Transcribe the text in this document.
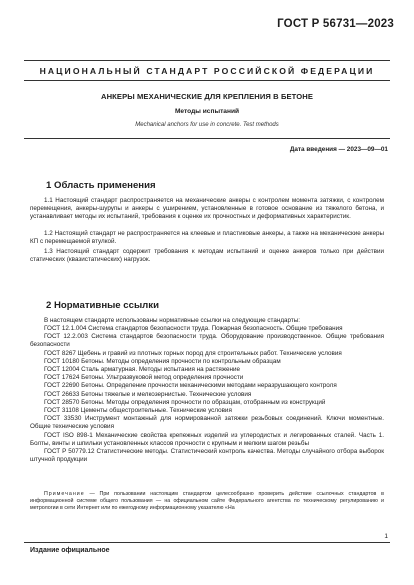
ГОСТ Р 56731—2023
НАЦИОНАЛЬНЫЙ СТАНДАРТ РОССИЙСКОЙ ФЕДЕРАЦИИ
АНКЕРЫ МЕХАНИЧЕСКИЕ ДЛЯ КРЕПЛЕНИЯ В БЕТОНЕ
Методы испытаний
Mechanical anchors for use in concrete. Test methods
Дата введения — 2023—09—01
1 Область применения

1.1 Настоящий стандарт распространяется на механические анкеры с контролем момента затяжки, с контролем перемещения, анкеры-шурупы и анкеры с уширением, установленные в готовое основание из тяжелого бетона, и устанавливает методы их испытаний, требования к оценке их прочностных и деформативных характеристик.

1.2 Настоящий стандарт не распространяется на клеевые и пластиковые анкеры, а также на механические анкеры КП с перемещаемой втулкой.

1.3 Настоящий стандарт содержит требования к методам испытаний и оценке анкеров только при действии статических (квазистатических) нагрузок.

2 Нормативные ссылки

В настоящем стандарте использованы нормативные ссылки на следующие стандарты:

ГОСТ 12.1.004 Система стандартов безопасности труда. Пожарная безопасность. Общие требования

ГОСТ 12.2.003 Система стандартов безопасности труда. Оборудование производственное. Общие требования безопасности

ГОСТ 8267 Щебень и гравий из плотных горных пород для строительных работ. Технические условия

ГОСТ 10180 Бетоны. Методы определения прочности по контрольным образцам

ГОСТ 12004 Сталь арматурная. Методы испытания на растяжение

ГОСТ 17624 Бетоны. Ультразвуковой метод определения прочности

ГОСТ 22690 Бетоны. Определение прочности механическими методами неразрушающего контроля

ГОСТ 26633 Бетоны тяжелые и мелкозернистые. Технические условия

ГОСТ 28570 Бетоны. Методы определения прочности по образцам, отобранным из конструкций

ГОСТ 31108 Цементы общестроительные. Технические условия

ГОСТ 33530 Инструмент монтажный для нормированной затяжки резьбовых соединений. Ключи моментные. Общие технические условия

ГОСТ ISO 898-1 Механические свойства крепежных изделий из углеродистых и легированных сталей. Часть 1. Болты, винты и шпильки установленных классов прочности с крупным и мелким шагом резьбы

ГОСТ Р 50779.12 Статистические методы. Статистический контроль качества. Методы случайного отбора выборок штучной продукции

Примечание — При пользовании настоящим стандартом целесообразно проверить действие ссылочных стандартов в информационной системе общего пользования — на официальном сайте Федерального агентства по техническому регулированию и метрологии в сети Интернет или по ежегодному информационному указателю «На

1
Издание официальное
